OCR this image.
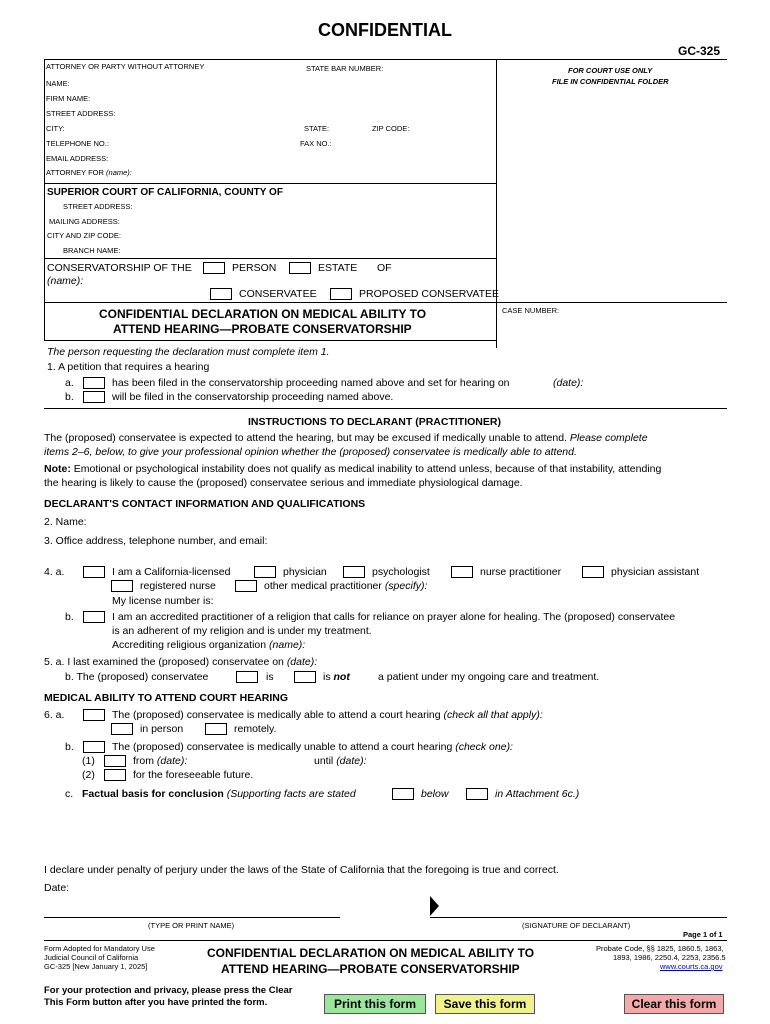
CONFIDENTIAL
GC-325
ATTORNEY OR PARTY WITHOUT ATTORNEY	STATE BAR NUMBER:
NAME:
FIRM NAME:
STREET ADDRESS:
CITY:	STATE:	ZIP CODE:
TELEPHONE NO.:	FAX NO.:
EMAIL ADDRESS:
ATTORNEY FOR (name):
FOR COURT USE ONLY
FILE IN CONFIDENTIAL FOLDER
SUPERIOR COURT OF CALIFORNIA, COUNTY OF
STREET ADDRESS:
MAILING ADDRESS:
CITY AND ZIP CODE:
BRANCH NAME:
CONSERVATORSHIP OF THE
(name):
PERSON	ESTATE OF
CONSERVATEE	PROPOSED CONSERVATEE
CONFIDENTIAL DECLARATION ON MEDICAL ABILITY TO
ATTEND HEARING—PROBATE CONSERVATORSHIP
CASE NUMBER:
The person requesting the declaration must complete item 1.
1. A petition that requires a hearing
a.	has been filed in the conservatorship proceeding named above and set for hearing on	(date):
b.	will be filed in the conservatorship proceeding named above.
INSTRUCTIONS TO DECLARANT (PRACTITIONER)
The (proposed) conservatee is expected to attend the hearing, but may be excused if medically unable to attend. Please complete
items 2–6, below, to give your professional opinion whether the (proposed) conservatee is medically able to attend.
Note: Emotional or psychological instability does not qualify as medical inability to attend unless, because of that instability, attending
the hearing is likely to cause the (proposed) conservatee serious and immediate physiological damage.
DECLARANT'S CONTACT INFORMATION AND QUALIFICATIONS
2. Name:
3. Office address, telephone number, and email:
4. a.	I am a California-licensed	physician	psychologist	nurse practitioner	physician assistant
registered nurse	other medical practitioner (specify):
My license number is:
b.	I am an accredited practitioner of a religion that calls for reliance on prayer alone for healing. The (proposed) conservatee
is an adherent of my religion and is under my treatment.
Accrediting religious organization (name):
5. a. I last examined the (proposed) conservatee on (date):
b. The (proposed) conservatee	is	is not	a patient under my ongoing care and treatment.
MEDICAL ABILITY TO ATTEND COURT HEARING
6. a.	The (proposed) conservatee is medically able to attend a court hearing (check all that apply):
in person	remotely.
b.	The (proposed) conservatee is medically unable to attend a court hearing (check one):
(1)	from (date):	until (date):
(2)	for the foreseeable future.
c. Factual basis for conclusion (Supporting facts are stated	below	in Attachment 6c.)
I declare under penalty of perjury under the laws of the State of California that the foregoing is true and correct.
Date:
(TYPE OR PRINT NAME)	(SIGNATURE OF DECLARANT)
Page 1 of 1
Form Adopted for Mandatory Use
Judicial Council of California
GC-325 [New January 1, 2025]
CONFIDENTIAL DECLARATION ON MEDICAL ABILITY TO
ATTEND HEARING—PROBATE CONSERVATORSHIP
Probate Code, §§ 1825, 1860.5, 1863,
1893, 1986, 2250.4, 2253, 2356.5
www.courts.ca.gov
For your protection and privacy, please press the Clear
This Form button after you have printed the form.	Print this form	Save this form	Clear this form
